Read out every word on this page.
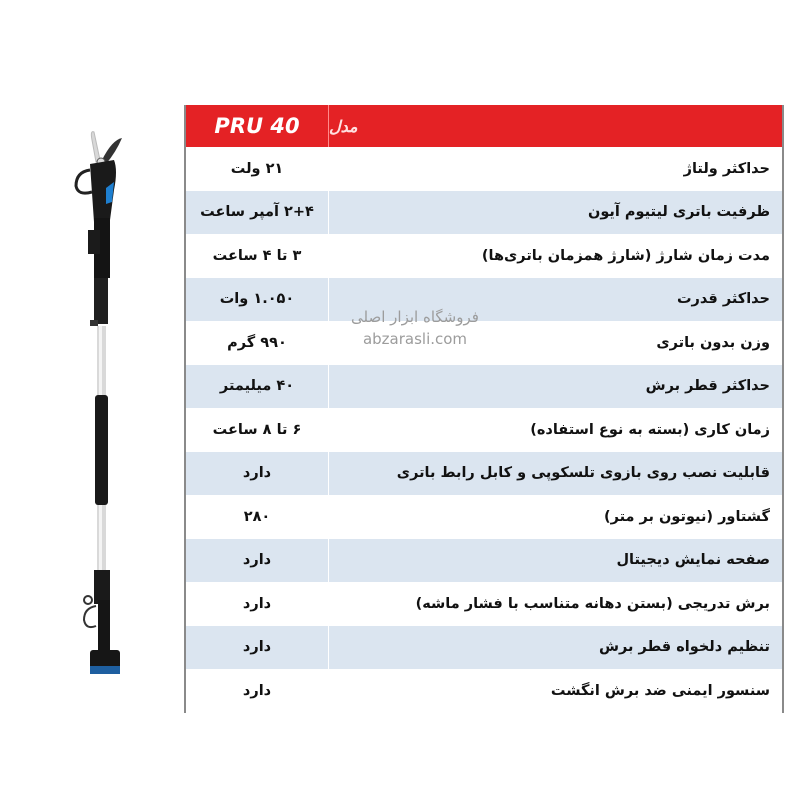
PRU 40	مدل
۲۱ ولت	حداکثر ولتاژ
۲+۴ آمپر ساعت	ظرفیت باتری لیتیوم آیون
۳ تا ۴ ساعت	مدت زمان شارژ (شارژ همزمان باتری‌ها)
۱.۰۵۰ وات	حداکثر قدرت
۹۹۰ گرم	وزن بدون باتری
۴۰ میلیمتر	حداکثر قطر برش
۶ تا ۸ ساعت	زمان کاری (بسته به نوع استفاده)
دارد	قابلیت نصب روی بازوی تلسکوپی و کابل رابط باتری
۲۸۰	گشتاور (نیوتون بر متر)
دارد	صفحه نمایش دیجیتال
دارد	برش تدریجی (بستن دهانه متناسب با فشار ماشه)
دارد	تنظیم دلخواه قطر برش
دارد	سنسور ایمنی ضد برش انگشت
فروشگاه ابزار اصلی
abzarasli.com
